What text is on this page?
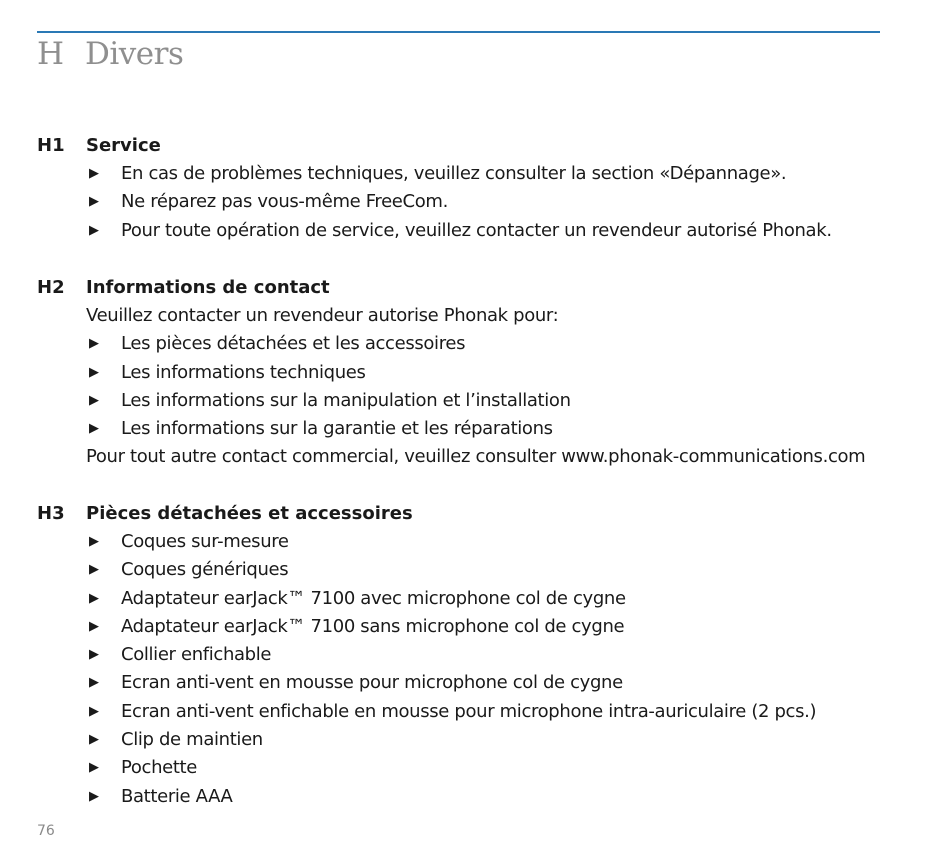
H Divers
H1 Service
▶ En cas de problèmes techniques, veuillez consulter la section «Dépannage».
▶ Ne réparez pas vous-même FreeCom.
▶ Pour toute opération de service, veuillez contacter un revendeur autorisé Phonak.
H2 Informations de contact
Veuillez contacter un revendeur autorise Phonak pour:
▶ Les pièces détachées et les accessoires
▶ Les informations techniques
▶ Les informations sur la manipulation et l’installation
▶ Les informations sur la garantie et les réparations
Pour tout autre contact commercial, veuillez consulter www.phonak-communications.com
H3 Pièces détachées et accessoires
▶ Coques sur-mesure
▶ Coques génériques
▶ Adaptateur earJack™ 7100 avec microphone col de cygne
▶ Adaptateur earJack™ 7100 sans microphone col de cygne
▶ Collier enfichable
▶ Ecran anti-vent en mousse pour microphone col de cygne
▶ Ecran anti-vent enfichable en mousse pour microphone intra-auriculaire (2 pcs.)
▶ Clip de maintien
▶ Pochette
▶ Batterie AAA
76
